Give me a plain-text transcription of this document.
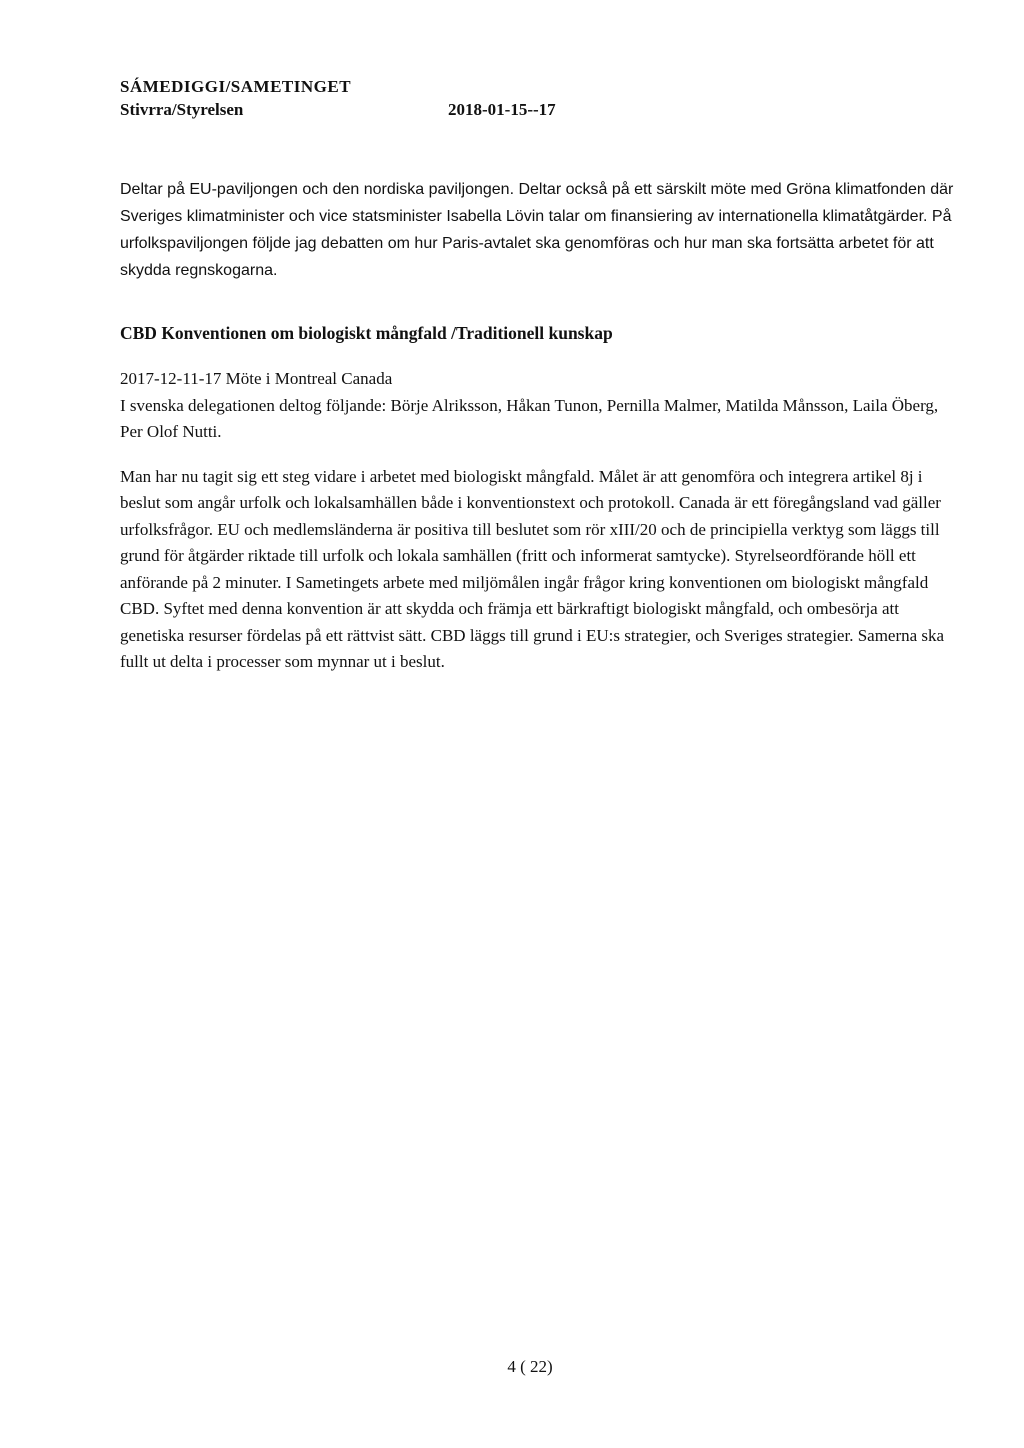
SÁMEDIGGI/SAMETINGET
Stivrra/Styrelsen	2018-01-15--17

Deltar på EU-paviljongen och den nordiska paviljongen. Deltar också på ett särskilt möte med Gröna klimatfonden där Sveriges klimatminister och vice statsminister Isabella Lövin talar om finansiering av internationella klimatåtgärder. På urfolkspaviljongen följde jag debatten om hur Paris-avtalet ska genomföras och hur man ska fortsätta arbetet för att skydda regnskogarna.

CBD Konventionen om biologiskt mångfald /Traditionell kunskap

2017-12-11-17 Möte i Montreal Canada

I svenska delegationen deltog följande: Börje Alriksson, Håkan Tunon, Pernilla Malmer, Matilda Månsson, Laila Öberg, Per Olof Nutti.

Man har nu tagit sig ett steg vidare i arbetet med biologiskt mångfald. Målet är att genomföra och integrera artikel 8j i beslut som angår urfolk och lokalsamhällen både i konventionstext och protokoll. Canada är ett föregångsland vad gäller urfolksfrågor. EU och medlemsländerna är positiva till beslutet som rör xIII/20 och de principiella verktyg som läggs till grund för åtgärder riktade till urfolk och lokala samhällen (fritt och informerat samtycke). Styrelseordförande höll ett anförande på 2 minuter. I Sametingets arbete med miljömålen ingår frågor kring konventionen om biologiskt mångfald CBD. Syftet med denna konvention är att skydda och främja ett bärkraftigt biologiskt mångfald, och ombesörja att genetiska resurser fördelas på ett rättvist sätt. CBD läggs till grund i EU:s strategier, och Sveriges strategier. Samerna ska fullt ut delta i processer som mynnar ut i beslut.

4 ( 22)
